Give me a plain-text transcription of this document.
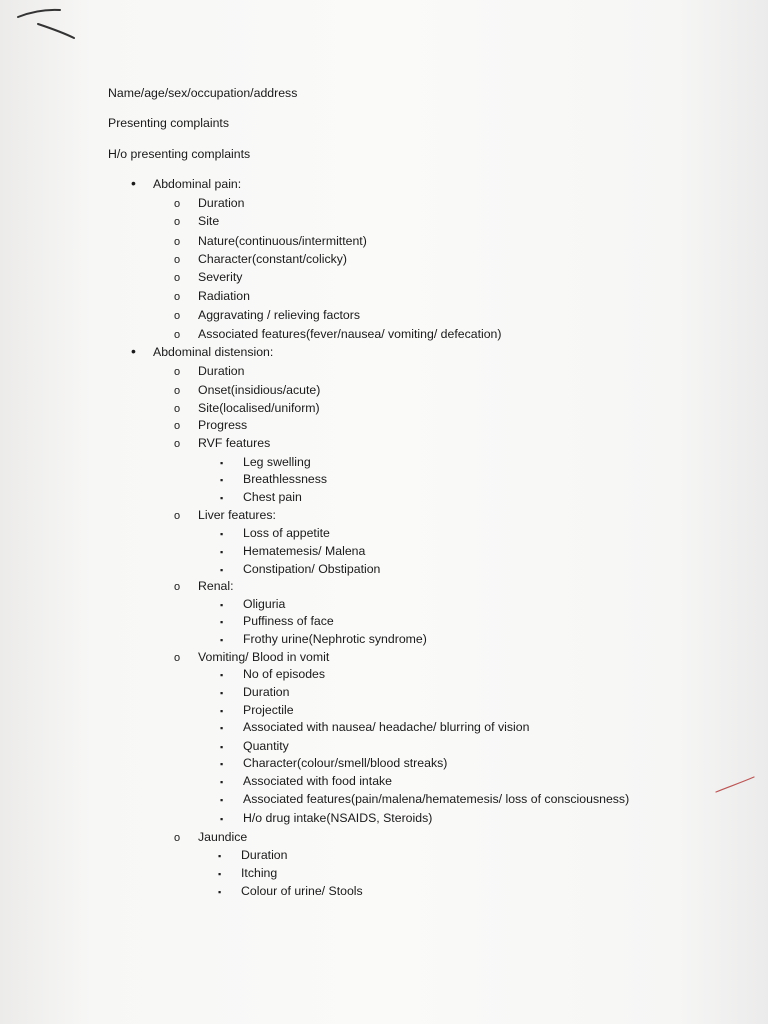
Name/age/sex/occupation/address
Presenting complaints
H/o presenting complaints
• Abdominal pain:
o Duration
o Site
o Nature(continuous/intermittent)
o Character(constant/colicky)
o Severity
o Radiation
o Aggravating / relieving factors
o Associated features(fever/nausea/ vomiting/ defecation)
• Abdominal distension:
o Duration
o Onset(insidious/acute)
o Site(localised/uniform)
o Progress
o RVF features
▪ Leg swelling
▪ Breathlessness
▪ Chest pain
o Liver features:
▪ Loss of appetite
▪ Hematemesis/ Malena
▪ Constipation/ Obstipation
o Renal:
▪ Oliguria
▪ Puffiness of face
▪ Frothy urine(Nephrotic syndrome)
o Vomiting/ Blood in vomit
▪ No of episodes
▪ Duration
▪ Projectile
▪ Associated with nausea/ headache/ blurring of vision
▪ Quantity
▪ Character(colour/smell/blood streaks)
▪ Associated with food intake
▪ Associated features(pain/malena/hematemesis/ loss of consciousness)
▪ H/o drug intake(NSAIDS, Steroids)
o Jaundice
▪ Duration
▪ Itching
▪ Colour of urine/ Stools
